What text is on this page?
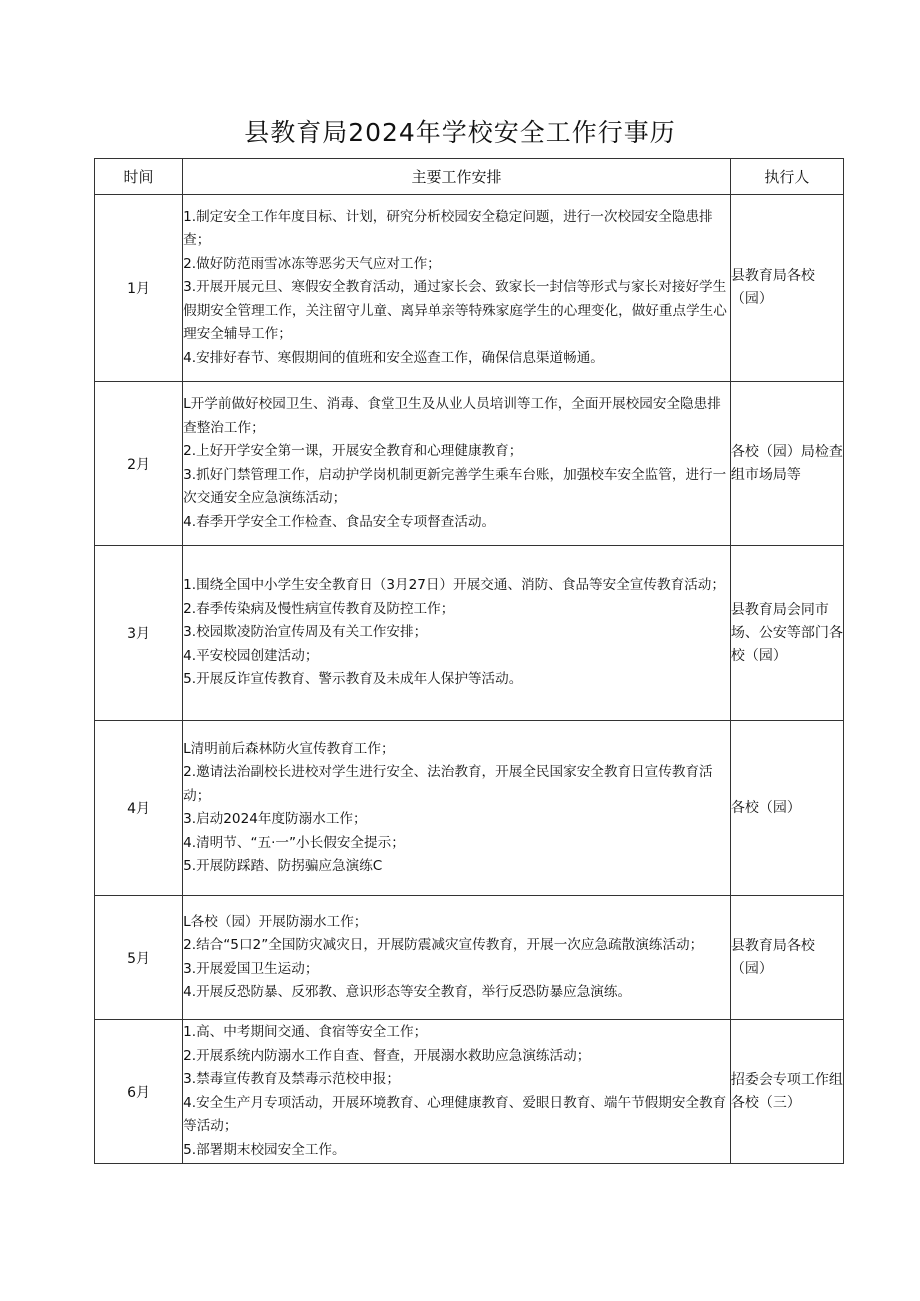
县教育局2024年学校安全工作行事历
时间	主要工作安排	执行人
1月	1.制定安全工作年度目标、计划，研究分析校园安全稳定问题，进行一次校园安全隐患排查；
2.做好防范雨雪冰冻等恶劣天气应对工作；
3.开展开展元旦、寒假安全教育活动，通过家长会、致家长一封信等形式与家长对接好学生假期安全管理工作，关注留守儿童、离异单亲等特殊家庭学生的心理变化，做好重点学生心理安全辅导工作；
4.安排好春节、寒假期间的值班和安全巡查工作，确保信息渠道畅通。	县教育局各校（园）
2月	L开学前做好校园卫生、消毒、食堂卫生及从业人员培训等工作，全面开展校园安全隐患排查整治工作；
2.上好开学安全第一课，开展安全教育和心理健康教育；
3.抓好门禁管理工作，启动护学岗机制更新完善学生乘车台账，加强校车安全监管，进行一次交通安全应急演练活动；
4.春季开学安全工作检查、食品安全专项督查活动。	各校（园）局检查组市场局等
3月	1.围绕全国中小学生安全教育日（3月27日）开展交通、消防、食品等安全宣传教育活动；
2.春季传染病及慢性病宣传教育及防控工作；
3.校园欺凌防治宣传周及有关工作安排；
4.平安校园创建活动；
5.开展反诈宣传教育、警示教育及未成年人保护等活动。	县教育局会同市场、公安等部门各校（园）
4月	L清明前后森林防火宣传教育工作；
2.邀请法治副校长进校对学生进行安全、法治教育，开展全民国家安全教育日宣传教育活动；
3.启动2024年度防溺水工作；
4.清明节、“五·一”小长假安全提示；
5.开展防踩踏、防拐骗应急演练C	各校（园）
5月	L各校（园）开展防溺水工作；
2.结合“5口2”全国防灾减灾日，开展防震减灾宣传教育，开展一次应急疏散演练活动；
3.开展爱国卫生运动；
4.开展反恐防暴、反邪教、意识形态等安全教育，举行反恐防暴应急演练。	县教育局各校（园）
6月	1.高、中考期间交通、食宿等安全工作；
2.开展系统内防溺水工作自查、督查，开展溺水救助应急演练活动；
3.禁毒宣传教育及禁毒示范校申报；
4.安全生产月专项活动，开展环境教育、心理健康教育、爱眼日教育、端午节假期安全教育等活动；
5.部署期末校园安全工作。	招委会专项工作组各校（三）
